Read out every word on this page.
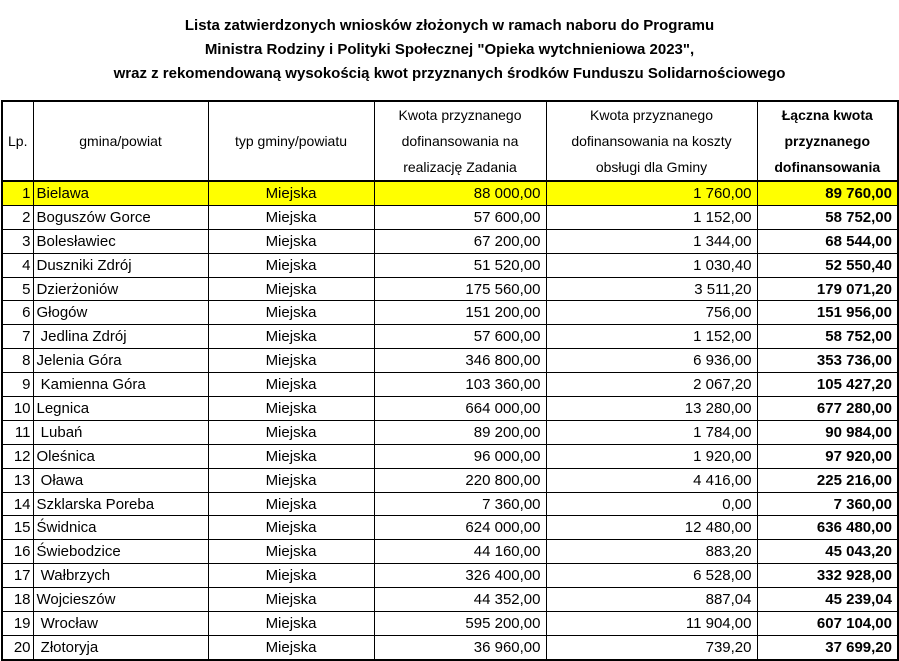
Lista zatwierdzonych wniosków złożonych w ramach naboru do Programu
Ministra Rodziny i Polityki Społecznej "Opieka wytchnieniowa 2023",
wraz z rekomendowaną wysokością kwot przyznanych środków Funduszu Solidarnościowego
Lp.	gmina/powiat	typ gminy/powiatu	Kwota przyznanego dofinansowania na realizację Zadania	Kwota przyznanego dofinansowania na koszty obsługi dla Gminy	Łączna kwota przyznanego dofinansowania
1	Bielawa	Miejska	88 000,00	1 760,00	89 760,00
2	Boguszów Gorce	Miejska	57 600,00	1 152,00	58 752,00
3	Bolesławiec	Miejska	67 200,00	1 344,00	68 544,00
4	Duszniki Zdrój	Miejska	51 520,00	1 030,40	52 550,40
5	Dzierżoniów	Miejska	175 560,00	3 511,20	179 071,20
6	Głogów	Miejska	151 200,00	756,00	151 956,00
7	Jedlina Zdrój	Miejska	57 600,00	1 152,00	58 752,00
8	Jelenia Góra	Miejska	346 800,00	6 936,00	353 736,00
9	Kamienna Góra	Miejska	103 360,00	2 067,20	105 427,20
10	Legnica	Miejska	664 000,00	13 280,00	677 280,00
11	Lubań	Miejska	89 200,00	1 784,00	90 984,00
12	Oleśnica	Miejska	96 000,00	1 920,00	97 920,00
13	Oława	Miejska	220 800,00	4 416,00	225 216,00
14	Szklarska Poreba	Miejska	7 360,00	0,00	7 360,00
15	Świdnica	Miejska	624 000,00	12 480,00	636 480,00
16	Świebodzice	Miejska	44 160,00	883,20	45 043,20
17	Wałbrzych	Miejska	326 400,00	6 528,00	332 928,00
18	Wojcieszów	Miejska	44 352,00	887,04	45 239,04
19	Wrocław	Miejska	595 200,00	11 904,00	607 104,00
20	Złotoryja	Miejska	36 960,00	739,20	37 699,20
